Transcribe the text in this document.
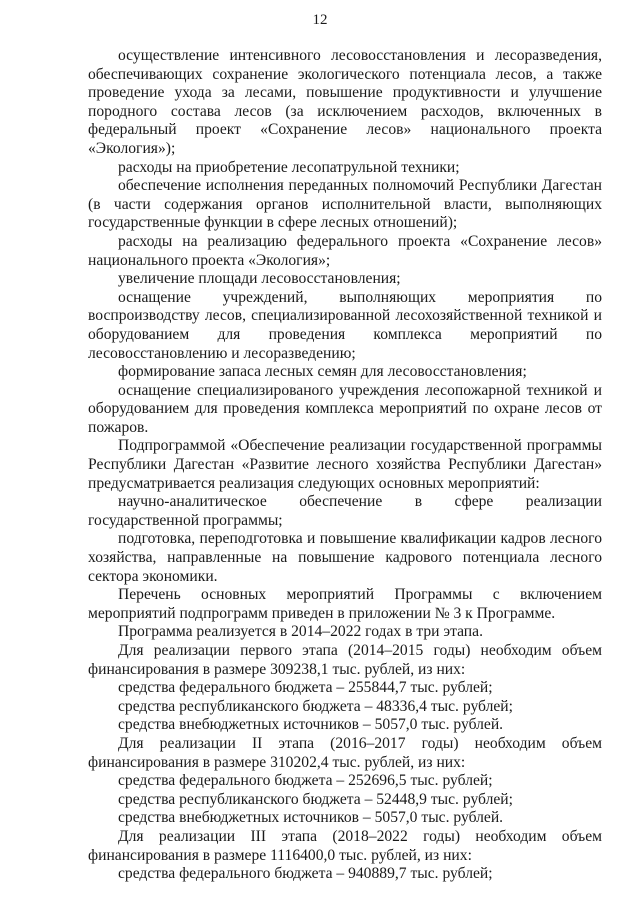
12

осуществление интенсивного лесовосстановления и лесоразведения, обеспечивающих сохранение экологического потенциала лесов, а также проведение ухода за лесами, повышение продуктивности и улучшение породного состава лесов (за исключением расходов, включенных в федеральный проект «Сохранение лесов» национального проекта «Экология»);

расходы на приобретение лесопатрульной техники;

обеспечение исполнения переданных полномочий Республики Дагестан (в части содержания органов исполнительной власти, выполняющих государственные функции в сфере лесных отношений);

расходы на реализацию федерального проекта «Сохранение лесов» национального проекта «Экология»;

увеличение площади лесовосстановления;

оснащение учреждений, выполняющих мероприятия по воспроизводству лесов, специализированной лесохозяйственной техникой и оборудованием для проведения комплекса мероприятий по лесовосстановлению и лесоразведению;

формирование запаса лесных семян для лесовосстановления;

оснащение специализированого учреждения лесопожарной техникой и оборудованием для проведения комплекса мероприятий по охране лесов от пожаров.

Подпрограммой «Обеспечение реализации государственной программы Республики Дагестан «Развитие лесного хозяйства Республики Дагестан» предусматривается реализация следующих основных мероприятий:

научно-аналитическое обеспечение в сфере реализации государственной программы;

подготовка, переподготовка и повышение квалификации кадров лесного хозяйства, направленные на повышение кадрового потенциала лесного сектора экономики.

Перечень основных мероприятий Программы с включением мероприятий подпрограмм приведен в приложении № 3 к Программе.

Программа реализуется в 2014–2022 годах в три этапа.

Для реализации первого этапа (2014–2015 годы) необходим объем финансирования в размере 309238,1 тыс. рублей, из них:

средства федерального бюджета – 255844,7 тыс. рублей;

средства республиканского бюджета – 48336,4 тыс. рублей;

средства внебюджетных источников – 5057,0 тыс. рублей.

Для реализации II этапа (2016–2017 годы) необходим объем финансирования в размере 310202,4 тыс. рублей, из них:

средства федерального бюджета – 252696,5 тыс. рублей;

средства республиканского бюджета – 52448,9 тыс. рублей;

средства внебюджетных источников – 5057,0 тыс. рублей.

Для реализации III этапа (2018–2022 годы) необходим объем финансирования в размере 1116400,0 тыс. рублей, из них:

средства федерального бюджета – 940889,7 тыс. рублей;
